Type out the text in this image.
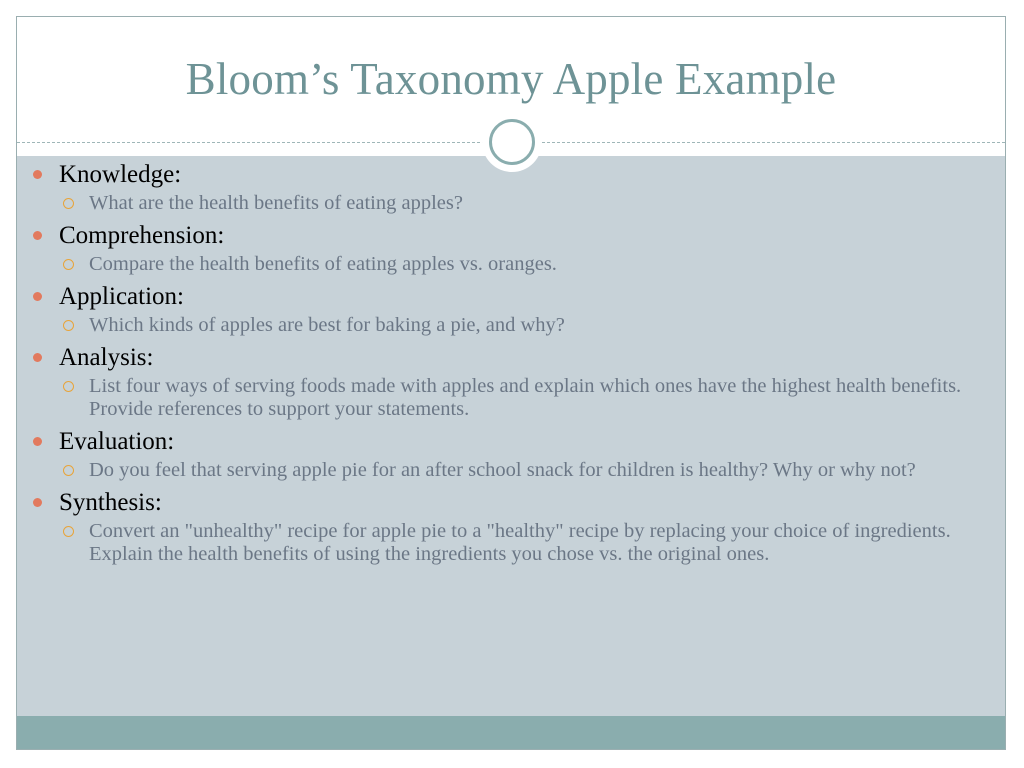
Bloom’s Taxonomy Apple Example
Knowledge:
What are the health benefits of eating apples?
Comprehension:
Compare the health benefits of eating apples vs. oranges.
Application:
Which kinds of apples are best for baking a pie, and why?
Analysis:
List four ways of serving foods made with apples and explain which ones have the highest health benefits. Provide references to support your statements.
Evaluation:
Do you feel that serving apple pie for an after school snack for children is healthy? Why or why not?
Synthesis:
Convert an "unhealthy" recipe for apple pie to a "healthy" recipe by replacing your choice of ingredients. Explain the health benefits of using the ingredients you chose vs. the original ones.
